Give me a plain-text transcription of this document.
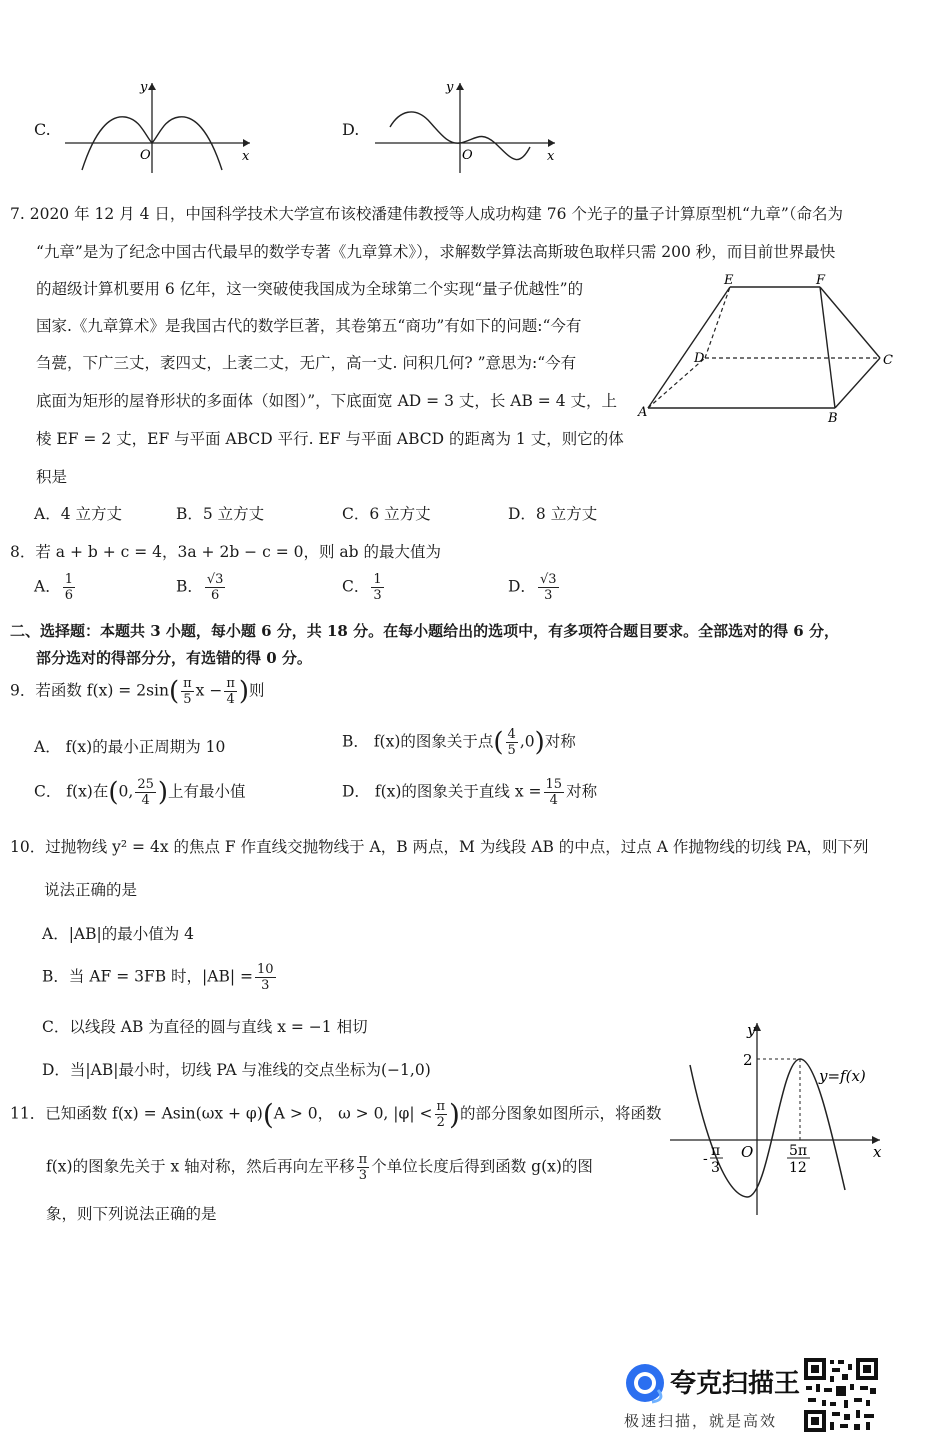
C.
O	x
y
D.
O	x
y
7. 2020 年 12 月 4 日，中国科学技术大学宣布该校潘建伟教授等人成功构建 76 个光子的量子计算原型机“九章”（命名为
“九章”是为了纪念中国古代最早的数学专著《九章算术》），求解数学算法高斯玻色取样只需 200 秒，而目前世界最快
的超级计算机要用 6 亿年，这一突破使我国成为全球第二个实现“量子优越性”的
国家.《九章算术》是我国古代的数学巨著，其卷第五“商功”有如下的问题:“今有
刍甍，下广三丈，袤四丈，上袤二丈，无广，高一丈. 问积几何? ”意思为:“今有
底面为矩形的屋脊形状的多面体（如图）”，下底面宽 AD = 3 丈，长 AB = 4 丈，上
棱 EF = 2 丈，EF 与平面 ABCD 平行. EF 与平面 ABCD 的距离为 1 丈，则它的体
积是
E	F
D	C
A	B
A．4 立方丈	B．5 立方丈	C．6 立方丈	D．8 立方丈
8．若 a + b + c = 4，3a + 2b − c = 0，则 ab 的最大值为
A． $\frac{1}{6}$	B． $\frac{√3}{6}$	C． $\frac{1}{3}$	D． $\frac{√3}{3}$
二、选择题：本题共 3 小题，每小题 6 分，共 18 分。在每小题给出的选项中，有多项符合题目要求。全部选对的得 6 分，
部分选对的得部分分，有选错的得 0 分。
9．若函数 $f(x) = 2\sin( \frac{\pi}{5}$ $x - \frac{\pi}{4}$ )则
A． f(x)的最小正周期为 10	B． f(x)的图象关于点( $\frac{4}{5} ,0$)对称
C． f(x)在(0, $\frac{25}{4}$ )上有最小值	D． f(x)的图象关于直线 $x = \frac{15}{4}$ 对称
10．过抛物线 y² = 4x 的焦点 F 作直线交抛物线于 A，B 两点，M 为线段 AB 的中点，过点 A 作抛物线的切线 PA，则下列
说法正确的是
A．|AB|的最小值为 4
B．当 AF = 3FB 时，$|AB| = \frac{10}{3}$
C．以线段 AB 为直径的圆与直线 x = −1 相切
D．当|AB|最小时，切线 PA 与准线的交点坐标为(−1,0)
11．已知函数 f(x) = Asin(ωx + φ)(A > 0， ω > 0, $|\varphi| < \frac{\pi}{2}$ )的部分图象如图所示，将函数
f(x)的图象先关于 x 轴对称，然后再向左平移 $\frac{\pi}{3}$ 个单位长度后得到函数 g(x)的图
象，则下列说法正确的是
y
x
O
2
y=f(x)
- π
3
5π
12
夸克扫描王
极速扫描，就是高效
